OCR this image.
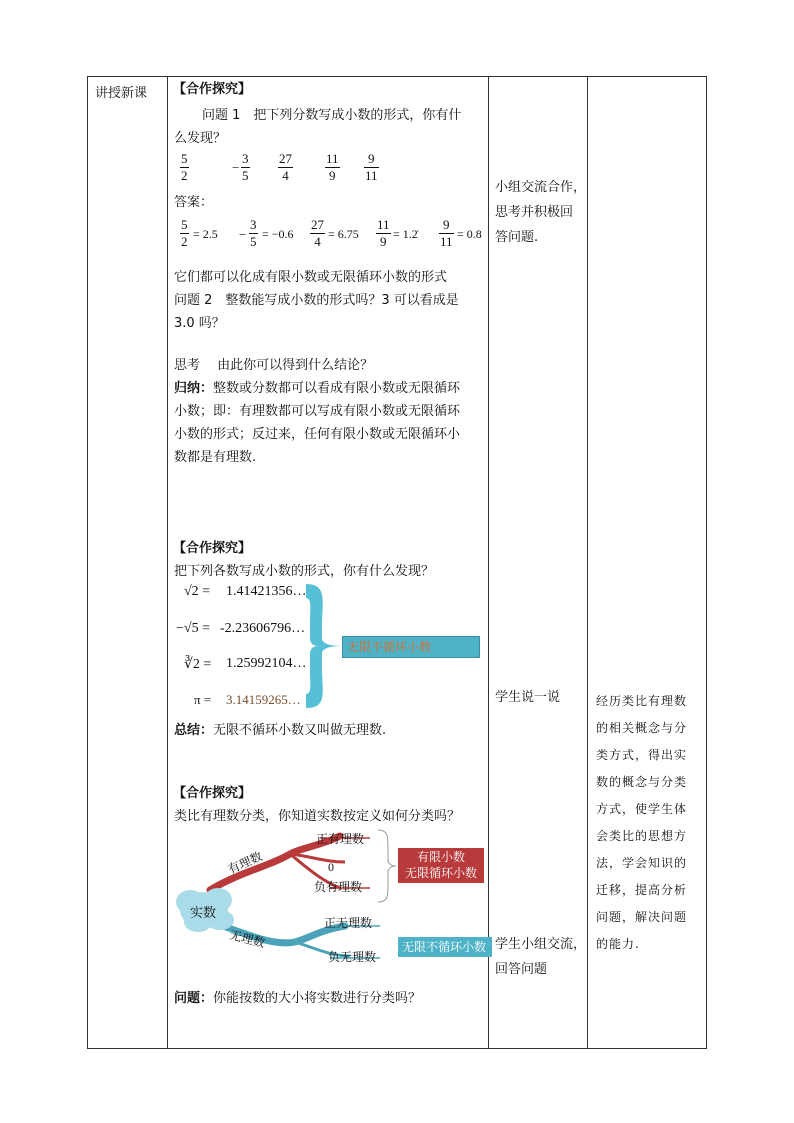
讲授新课 【合作探究】
问题 1　把下列分数写成小数的形式，你有什
么发现？
5
2
−
3
5
27
4
11
9
9
11
答案：
5
2 = 2.5 −
3
5 = −0.6
27
4 = 6.75
11
9 = 1.2̇
9
11 = 0.8
它们都可以化成有限小数或无限循环小数的形式
问题 2　整数能写成小数的形式吗？3 可以看成是
3.0 吗？
思考　 由此你可以得到什么结论？
归纳：整数或分数都可以看成有限小数或无限循环
小数；即：有理数都可以写成有限小数或无限循环
小数的形式；反过来，任何有限小数或无限循环小
数都是有理数.
【合作探究】
把下列各数写成小数的形式，你有什么发现？
√2 = 1.41421356…
−√5 = -2.23606796…
∛2 = 1.25992104…
π = 3.14159265…
无限不循环小数
总结：无限不循环小数又叫做无理数.
【合作探究】
类比有理数分类，你知道实数按定义如何分类吗？
实数
有理数
无理数
正有理数
0
负有理数
正无理数
负无理数
有限小数
无限循环小数
无限不循环小数
问题：你能按数的大小将实数进行分类吗？
小组交流合作，
思考并积极回
答问题.
学生说一说
学生小组交流，
回答问题
经历类比有理数
的相关概念与分
类方式，得出实
数的概念与分类
方式，使学生体
会类比的思想方
法，学会知识的
迁移，提高分析
问题，解决问题
的能力.
